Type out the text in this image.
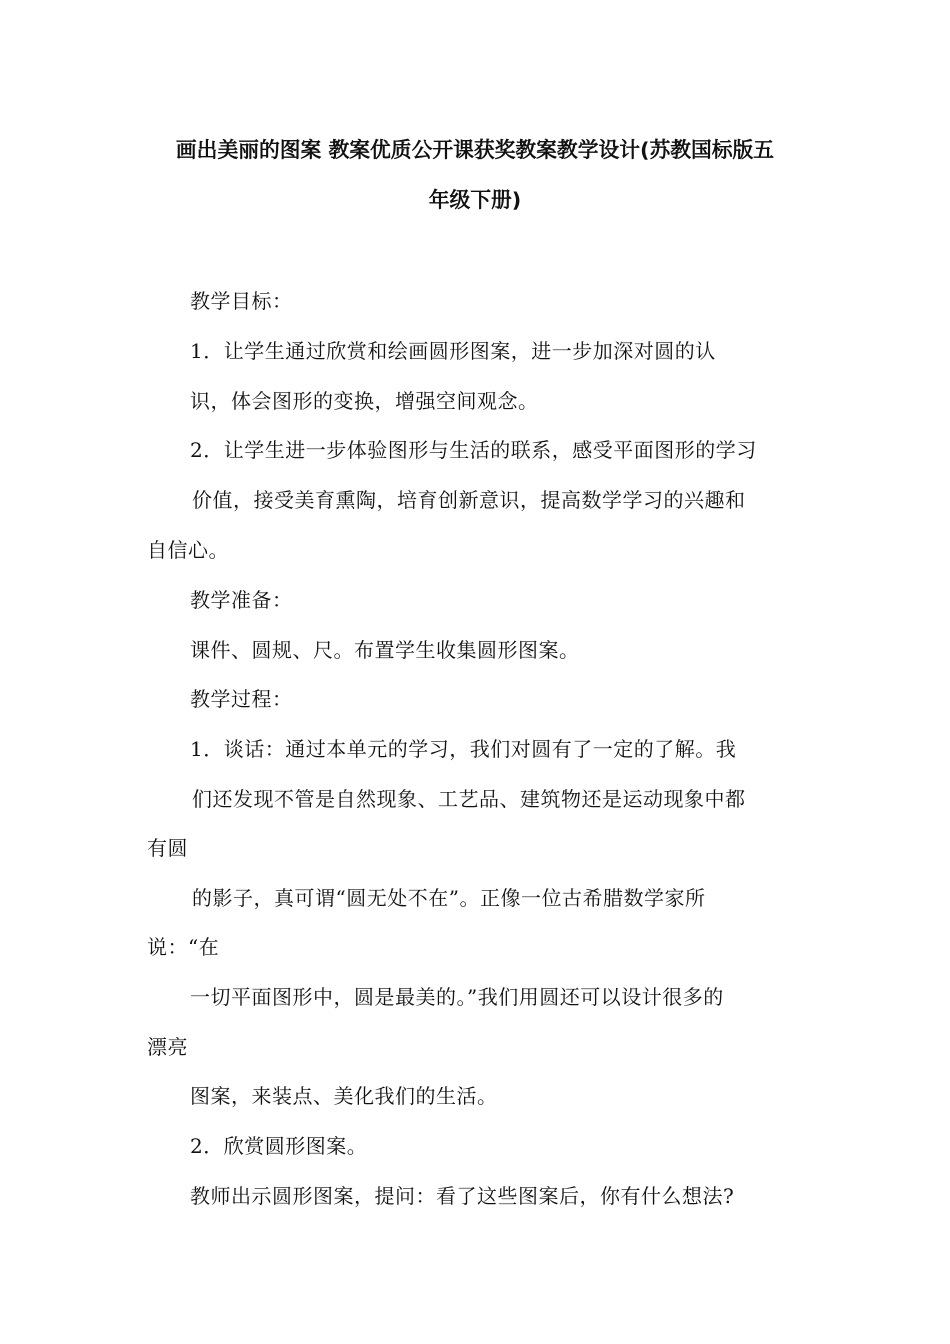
画出美丽的图案 教案优质公开课获奖教案教学设计(苏教国标版五
年级下册)
教学目标：
1．让学生通过欣赏和绘画圆形图案，进一步加深对圆的认
识，体会图形的变换，增强空间观念。
2．让学生进一步体验图形与生活的联系，感受平面图形的学习
价值，接受美育熏陶，培育创新意识，提高数学学习的兴趣和
自信心。
教学准备：
课件、圆规、尺。布置学生收集圆形图案。
教学过程：
1．谈话：通过本单元的学习，我们对圆有了一定的了解。我
们还发现不管是自然现象、工艺品、建筑物还是运动现象中都
有圆
的影子，真可谓“圆无处不在”。正像一位古希腊数学家所
说：“在
一切平面图形中，圆是最美的。”我们用圆还可以设计很多的
漂亮
图案，来装点、美化我们的生活。
2．欣赏圆形图案。
教师出示圆形图案，提问：看了这些图案后，你有什么想法?
